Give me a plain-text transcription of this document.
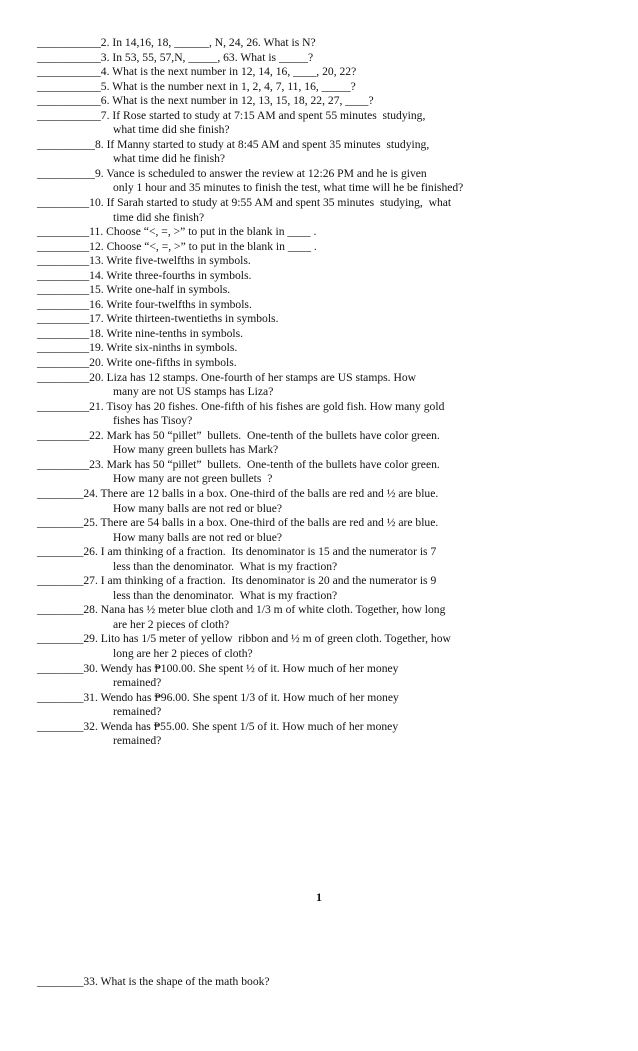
___________2. In 14,16, 18, ______, N, 24, 26. What is N?
___________3. In 53, 55, 57,N, _____, 63. What is _____?
___________4. What is the next number in 12, 14, 16, ____, 20, 22?
___________5. What is the number next in 1, 2, 4, 7, 11, 16, _____?
___________6. What is the next number in 12, 13, 15, 18, 22, 27, ____?
___________7. If Rose started to study at 7:15 AM and spent 55 minutes  studying,
what time did she finish?
__________8. If Manny started to study at 8:45 AM and spent 35 minutes  studying,
what time did he finish?
__________9. Vance is scheduled to answer the review at 12:26 PM and he is given
only 1 hour and 35 minutes to finish the test, what time will he be finished?
_________10. If Sarah started to study at 9:55 AM and spent 35 minutes  studying,  what
time did she finish?
_________11. Choose “<, =, >” to put in the blank in ____ .
_________12. Choose “<, =, >” to put in the blank in ____ .
_________13. Write five-twelfths in symbols.
_________14. Write three-fourths in symbols.
_________15. Write one-half in symbols.
_________16. Write four-twelfths in symbols.
_________17. Write thirteen-twentieths in symbols.
_________18. Write nine-tenths in symbols.
_________19. Write six-ninths in symbols.
_________20. Write one-fifths in symbols.
_________20. Liza has 12 stamps. One-fourth of her stamps are US stamps. How
many are not US stamps has Liza?
_________21. Tisoy has 20 fishes. One-fifth of his fishes are gold fish. How many gold
fishes has Tisoy?
_________22. Mark has 50 “pillet”  bullets.  One-tenth of the bullets have color green.
How many green bullets has Mark?
_________23. Mark has 50 “pillet”  bullets.  One-tenth of the bullets have color green.
How many are not green bullets  ?
________24. There are 12 balls in a box. One-third of the balls are red and ½ are blue.
How many balls are not red or blue?
________25. There are 54 balls in a box. One-third of the balls are red and ½ are blue.
How many balls are not red or blue?
________26. I am thinking of a fraction.  Its denominator is 15 and the numerator is 7
less than the denominator.  What is my fraction?
________27. I am thinking of a fraction.  Its denominator is 20 and the numerator is 9
less than the denominator.  What is my fraction?
________28. Nana has ½ meter blue cloth and 1/3 m of white cloth. Together, how long
are her 2 pieces of cloth?
________29. Lito has 1/5 meter of yellow  ribbon and ½ m of green cloth. Together, how
long are her 2 pieces of cloth?
________30. Wendy has ₱100.00. She spent ½ of it. How much of her money
remained?
________31. Wendo has ₱96.00. She spent 1/3 of it. How much of her money
remained?
________32. Wenda has ₱55.00. She spent 1/5 of it. How much of her money
remained?
1
________33. What is the shape of the math book?
